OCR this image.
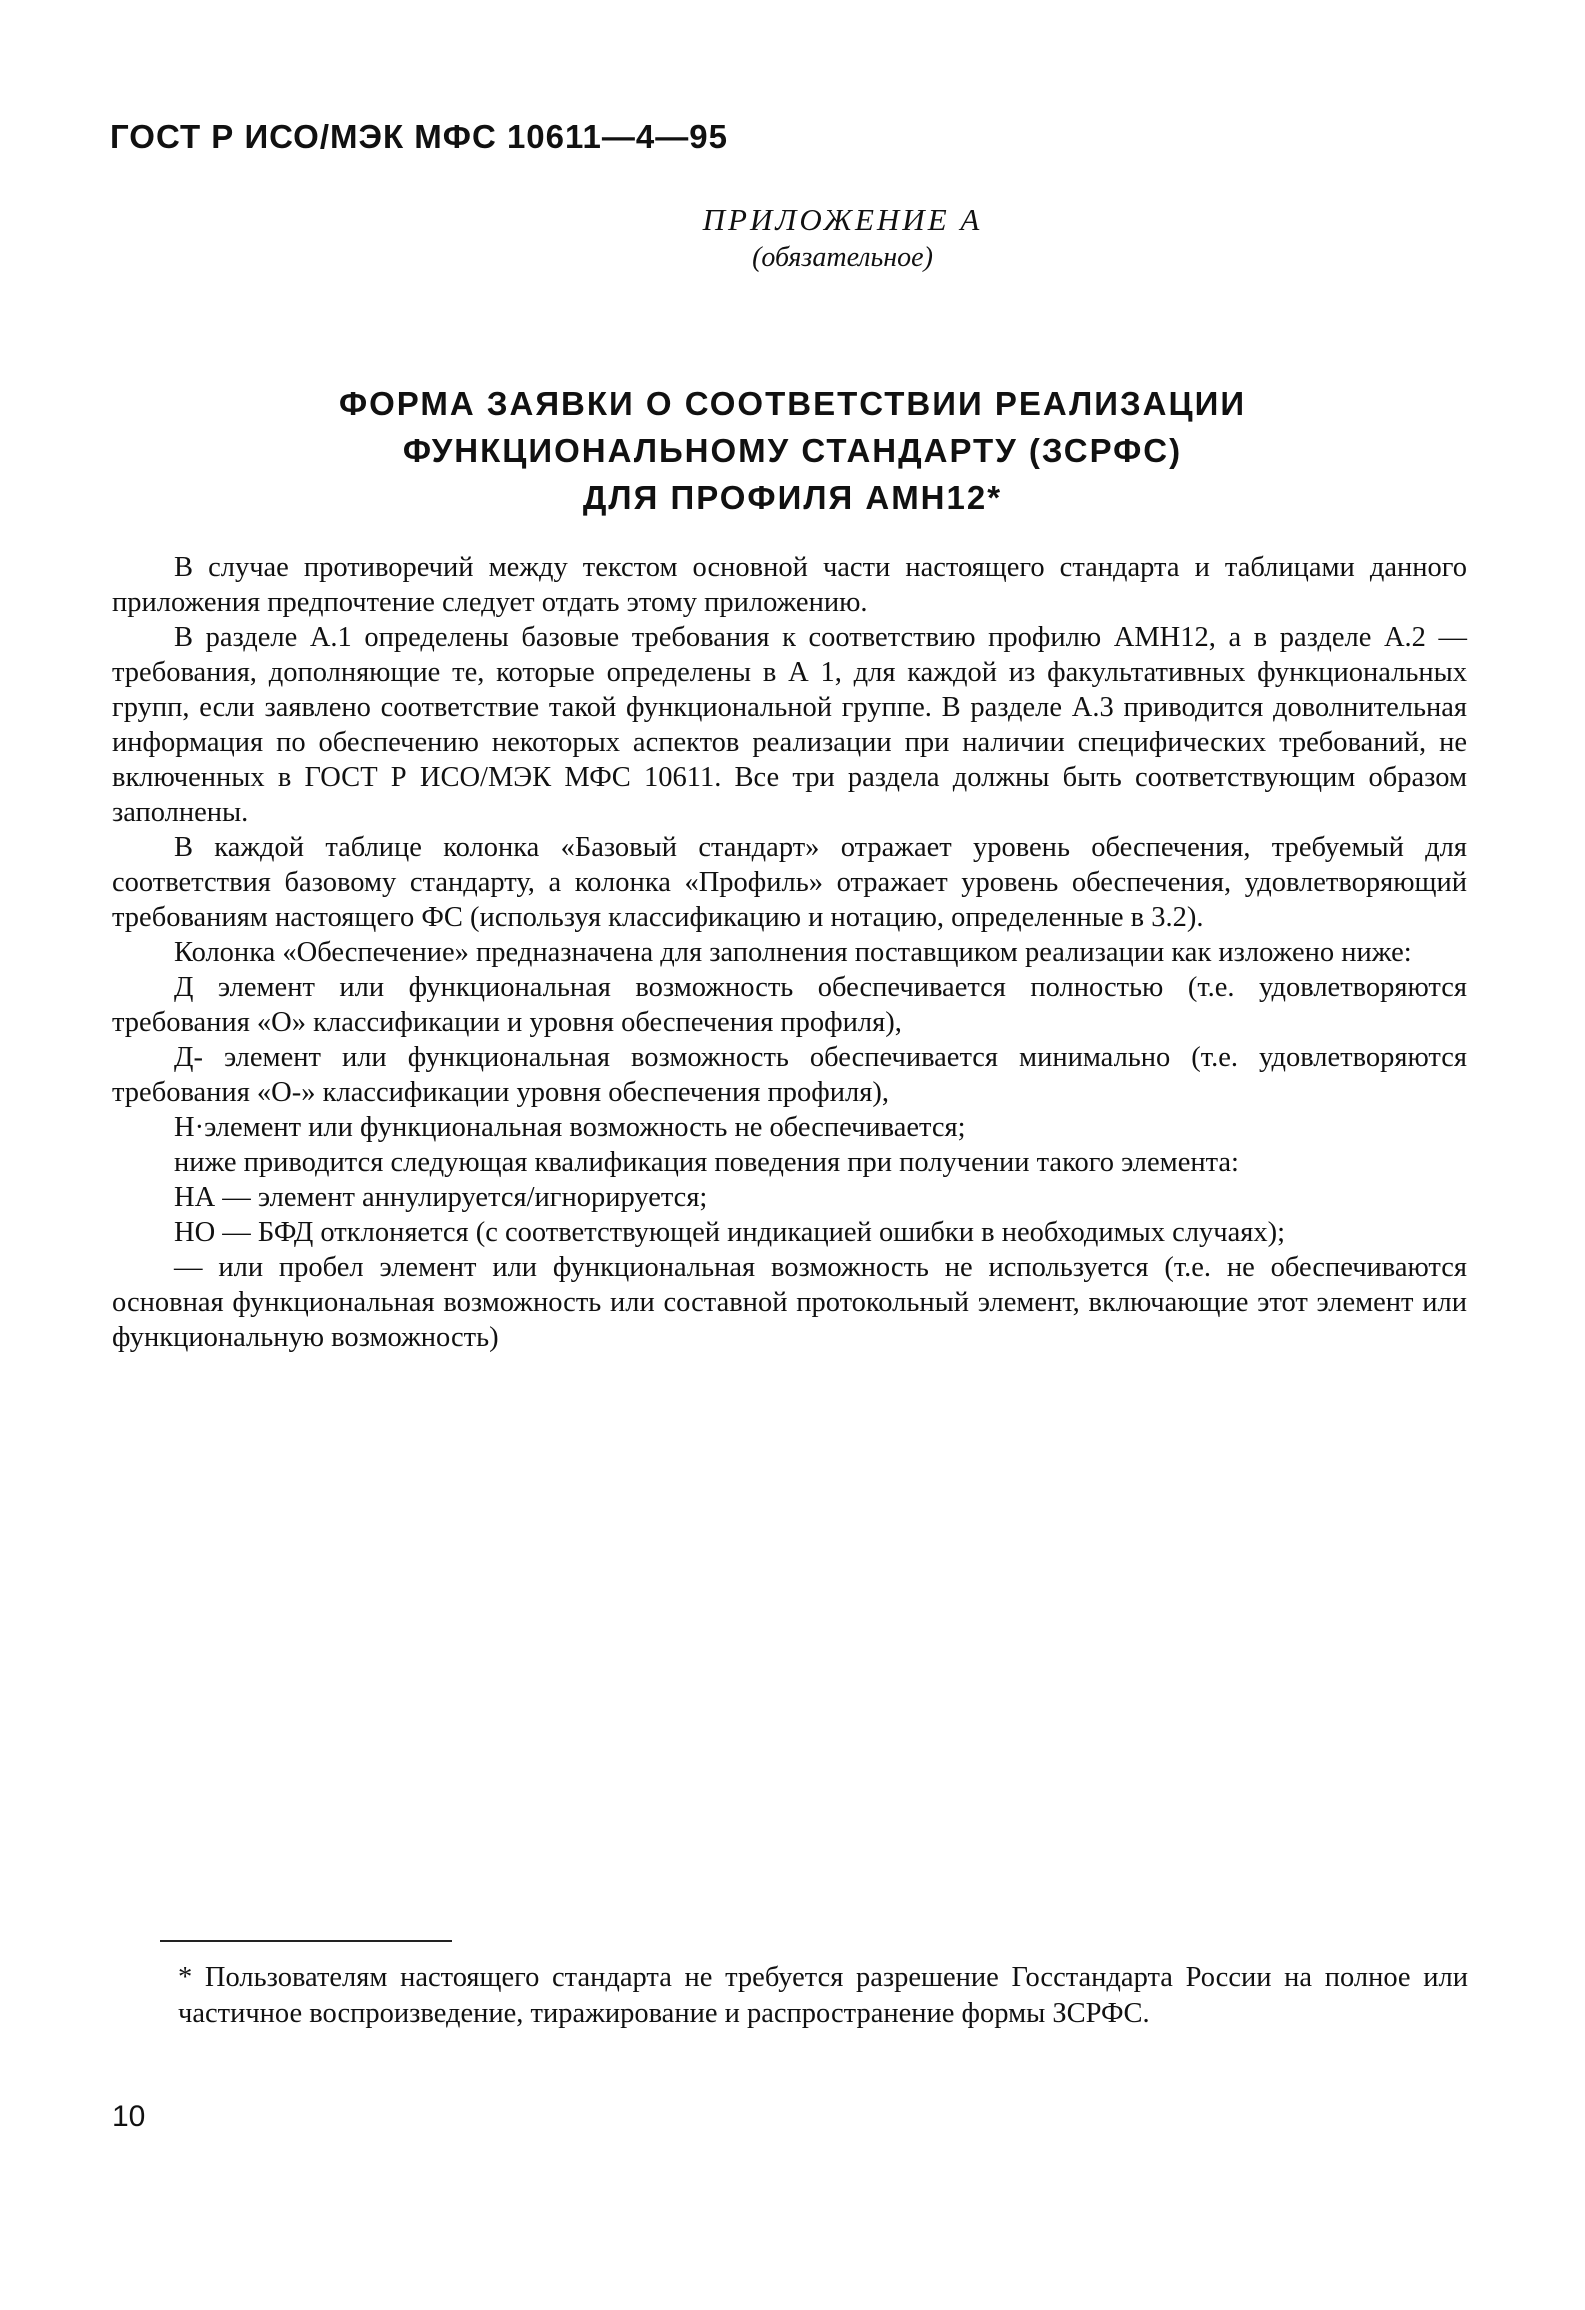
ГОСТ Р ИСО/МЭК МФС 10611—4—95
ПРИЛОЖЕНИЕ А
(обязательное)
ФОРМА ЗАЯВКИ О СООТВЕТСТВИИ РЕАЛИЗАЦИИ
ФУНКЦИОНАЛЬНОМУ СТАНДАРТУ (ЗСРФС)
ДЛЯ ПРОФИЛЯ АМН12*

В случае противоречий между текстом основной части настоящего стандарта и таблицами данного приложения предпочтение следует отдать этому приложению.

В разделе А.1 определены базовые требования к соответствию профилю АМН12, а в разделе А.2 — требования, дополняющие те, которые определены в А 1, для каждой из факультативных функциональных групп, если заявлено соответствие такой функциональной группе. В разделе А.3 приводится доволнительная информация по обеспечению некоторых аспектов реализации при наличии специфических требований, не включенных в ГОСТ Р ИСО/МЭК МФС 10611. Все три раздела должны быть соответствующим образом заполнены.

В каждой таблице колонка «Базовый стандарт» отражает уровень обеспечения, требуемый для соответствия базовому стандарту, а колонка «Профиль» отражает уровень обеспечения, удовлетворяющий требованиям настоящего ФС (используя классификацию и нотацию, определенные в 3.2).

Колонка «Обеспечение» предназначена для заполнения поставщиком реализации как изложено ниже:

Д элемент или функциональная возможность обеспечивается полностью (т.е. удовлетворяются требования «О» классификации и уровня обеспечения профиля),

Д- элемент или функциональная возможность обеспечивается минимально (т.е. удовлетворяются требования «О-» классификации уровня обеспечения профиля),

Н·элемент или функциональная возможность не обеспечивается;

ниже приводится следующая квалификация поведения при получении такого элемента:

НА — элемент аннулируется/игнорируется;

НО — БФД отклоняется (с соответствующей индикацией ошибки в необходимых случаях);

— или пробел элемент или функциональная возможность не используется (т.е. не обеспечиваются основная функциональная возможность или составной протокольный элемент, включающие этот элемент или функциональную возможность)

* Пользователям настоящего стандарта не требуется разрешение Госстандарта России на полное или частичное воспроизведение, тиражирование и распространение формы ЗСРФС.
10
